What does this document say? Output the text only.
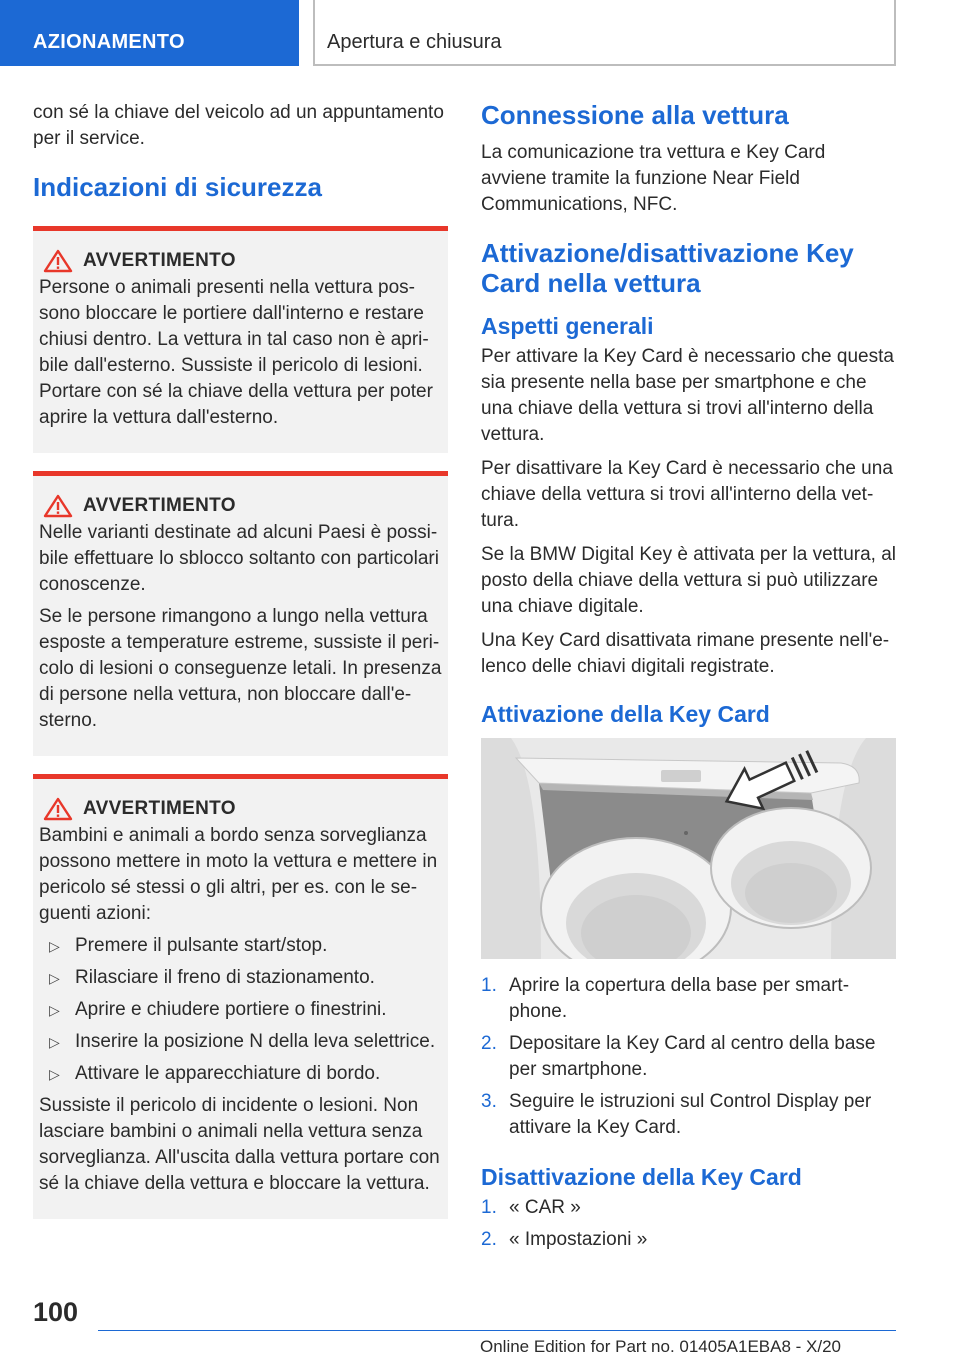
AZIONAMENTO	Apertura e chiusura

con sé la chiave del veicolo ad un appuntamento per il service.

Indicazioni di sicurezza
AVVERTIMENTO

Persone o animali presenti nella vettura possono bloccare le portiere dall'interno e restare chiusi dentro. La vettura in tal caso non è apribile dall'esterno. Sussiste il pericolo di lesioni. Portare con sé la chiave della vettura per poter aprire la vettura dall'esterno.

AVVERTIMENTO

Nelle varianti destinate ad alcuni Paesi è possibile effettuare lo sblocco soltanto con particolari conoscenze.

Se le persone rimangono a lungo nella vettura esposte a temperature estreme, sussiste il pericolo di lesioni o conseguenze letali. In presenza di persone nella vettura, non bloccare dall'esterno.

AVVERTIMENTO

Bambini e animali a bordo senza sorveglianza possono mettere in moto la vettura e mettere in pericolo sé stessi o gli altri, per es. con le seguenti azioni:

▷ Premere il pulsante start/stop.
▷ Rilasciare il freno di stazionamento.
▷ Aprire e chiudere portiere o finestrini.
▷ Inserire la posizione N della leva selettrice.
▷ Attivare le apparecchiature di bordo.

Sussiste il pericolo di incidente o lesioni. Non lasciare bambini o animali nella vettura senza sorveglianza. All'uscita dalla vettura portare con sé la chiave della vettura e bloccare la vettura.

Connessione alla vettura

La comunicazione tra vettura e Key Card avviene tramite la funzione Near Field Communications, NFC.

Attivazione/disattivazione Key Card nella vettura
Aspetti generali

Per attivare la Key Card è necessario che questa sia presente nella base per smartphone e che una chiave della vettura si trovi all'interno della vettura.

Per disattivare la Key Card è necessario che una chiave della vettura si trovi all'interno della vettura.

Se la BMW Digital Key è attivata per la vettura, al posto della chiave della vettura si può utilizzare una chiave digitale.

Una Key Card disattivata rimane presente nell'elenco delle chiavi digitali registrate.

Attivazione della Key Card
1. Aprire la copertura della base per smartphone.
2. Depositare la Key Card al centro della base per smartphone.
3. Seguire le istruzioni sul Control Display per attivare la Key Card.
Disattivazione della Key Card
1. « CAR »
2. « Impostazioni »
100
Online Edition for Part no. 01405A1EBA8 - X/20
